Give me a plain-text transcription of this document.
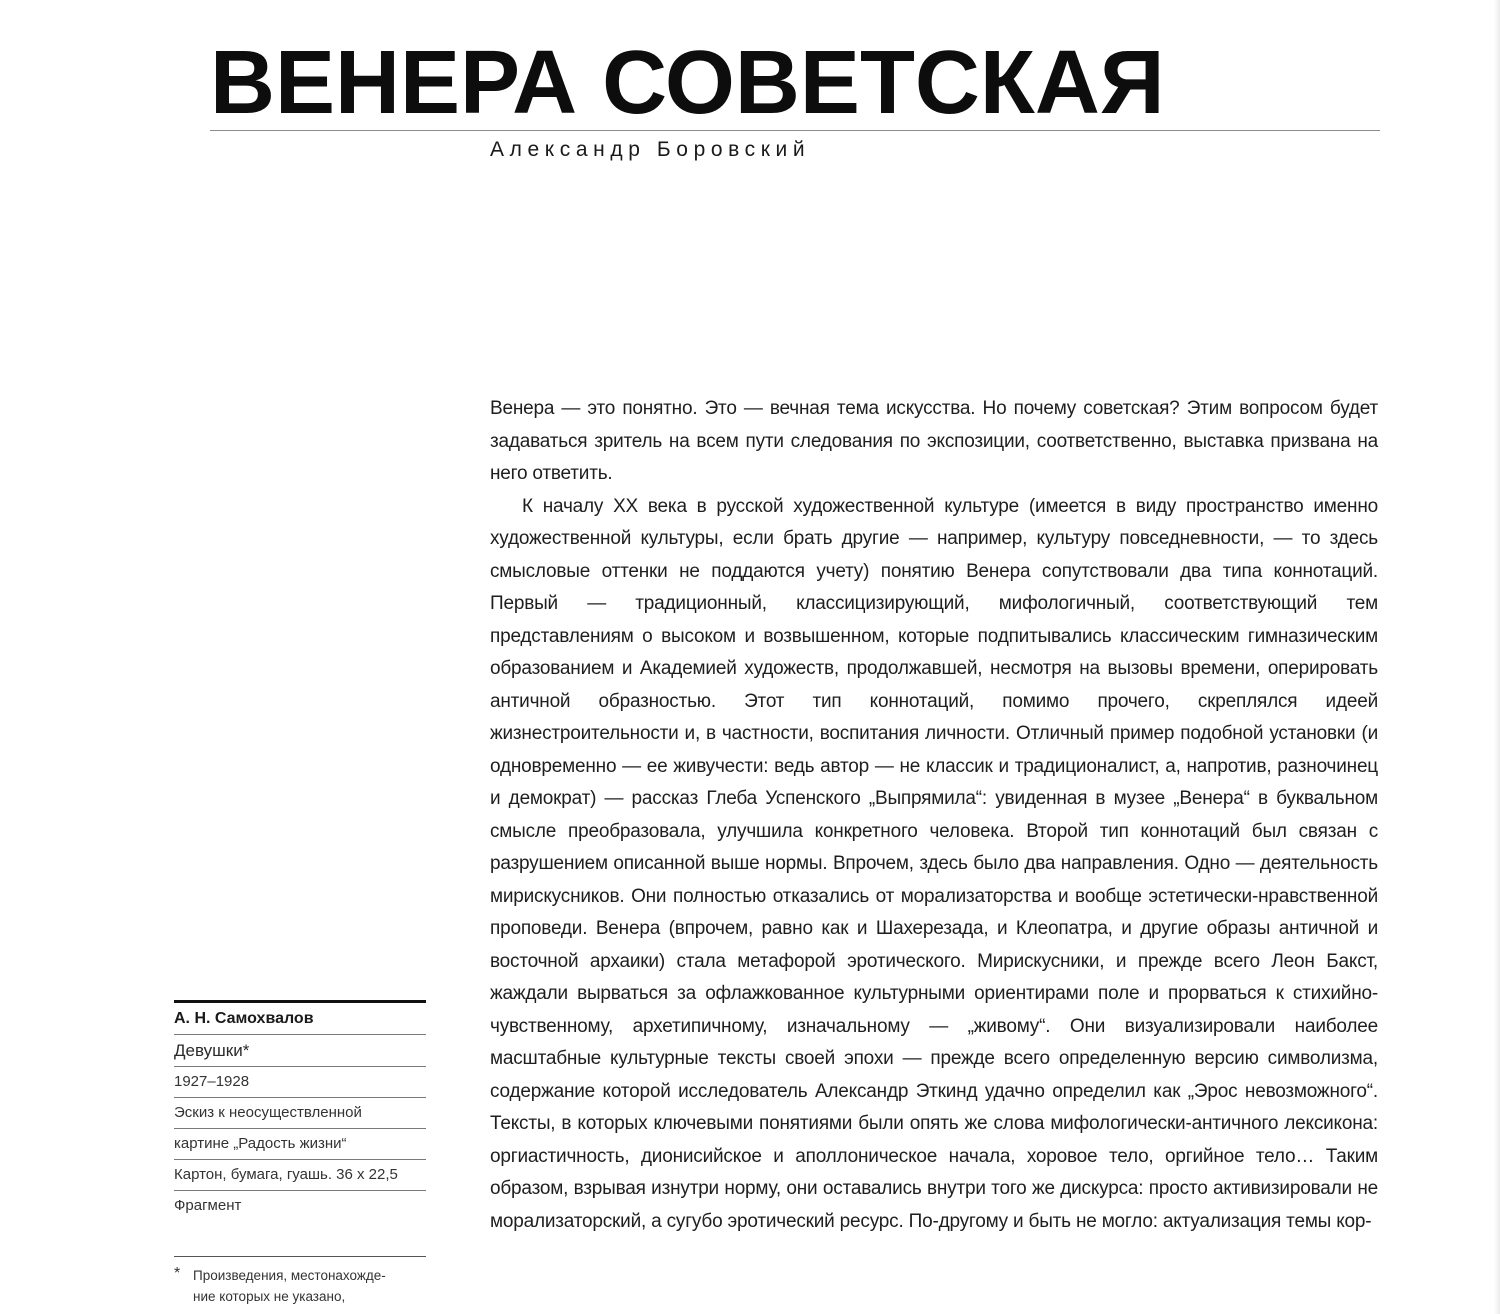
ВЕНЕРА СОВЕТСКАЯ
Александр Боровский

Венера — это понятно. Это — вечная тема искусства. Но почему советская? Этим вопросом будет задаваться зритель на всем пути следования по экспозиции, соответственно, выставка призвана на него ответить.

К началу XX века в русской художественной культуре (имеется в виду пространство именно художественной культуры, если брать другие — например, культуру повседневности, — то здесь смысловые оттенки не поддаются учету) понятию Венера сопутствовали два типа коннотаций. Первый — традиционный, классицизирующий, мифологичный, соответствующий тем представлениям о высоком и возвышенном, которые подпитывались классическим гимназическим образованием и Академией художеств, продолжавшей, несмотря на вызовы времени, оперировать античной образностью. Этот тип коннотаций, помимо прочего, скреплялся идеей жизнестроительности и, в частности, воспитания личности. Отличный пример подобной установки (и одновременно — ее живучести: ведь автор — не классик и традиционалист, а, напротив, разночинец и демократ) — рассказ Глеба Успенского „Выпрямила“: увиденная в музее „Венера“ в буквальном смысле преобразовала, улучшила конкретного человека. Второй тип коннотаций был связан с разрушением описанной выше нормы. Впрочем, здесь было два направления. Одно — деятельность мирискусников. Они полностью отказались от морализаторства и вообще эстетически-нравственной проповеди. Венера (впрочем, равно как и Шахерезада, и Клеопатра, и другие образы античной и восточной архаики) стала метафорой эротического. Мирискусники, и прежде всего Леон Бакст, жаждали вырваться за офлажкованное культурными ориентирами поле и прорваться к стихийно-чувственному, архетипичному, изначальному — „живому“. Они визуализировали наиболее масштабные культурные тексты своей эпохи — прежде всего определенную версию символизма, содержание которой исследователь Александр Эткинд удачно определил как „Эрос невозможного“. Тексты, в которых ключевыми понятиями были опять же слова мифологически-античного лексикона: оргиастичность, дионисийское и аполлоническое начала, хоровое тело, оргийное тело… Таким образом, взрывая изнутри норму, они оставались внутри того же дискурса: просто активизировали не морализаторский, а сугубо эротический ресурс. По-другому и быть не могло: актуализация темы кор-

А. Н. Самохвалов
Девушки*
1927–1928
Эскиз к неосуществленной
картине „Радость жизни“
Картон, бумага, гуашь. 36 х 22,5
Фрагмент
* Произведения, местонахожде-
ние которых не указано,
